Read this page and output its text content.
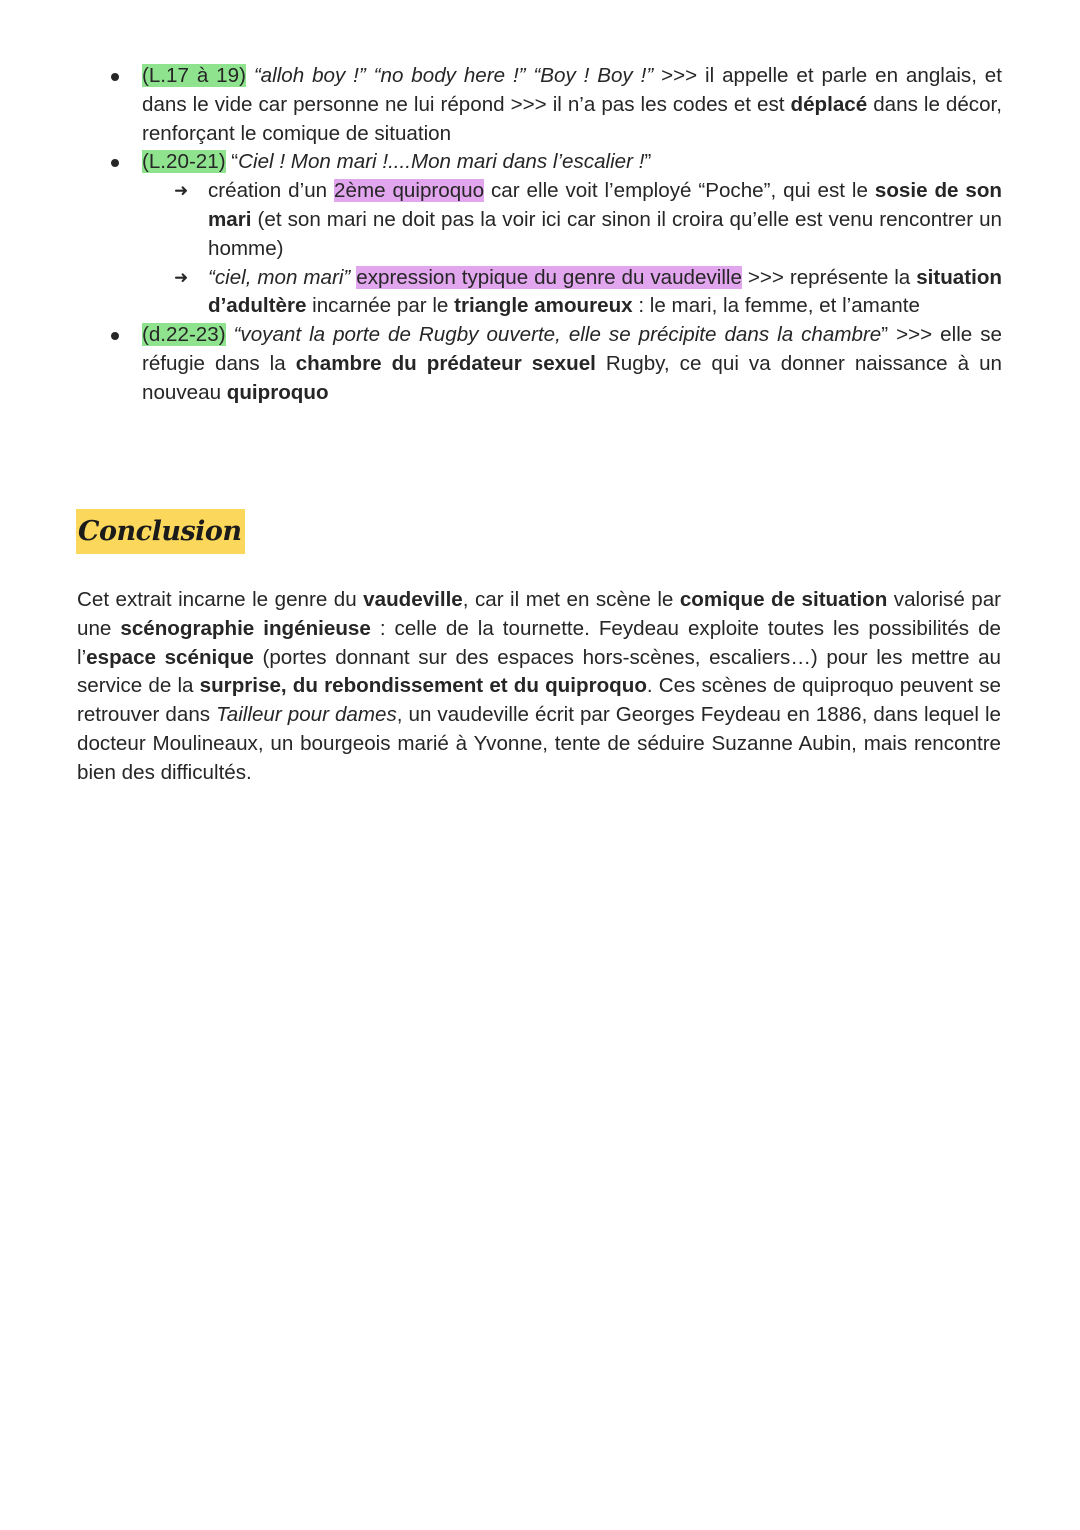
(L.17 à 19) “alloh boy !” “no body here !” “Boy ! Boy !” >>> il appelle et parle en anglais, et dans le vide car personne ne lui répond >>> il n’a pas les codes et est déplacé dans le décor, renforçant le comique de situation
(L.20-21) “Ciel ! Mon mari !....Mon mari dans l’escalier !”
➜ création d’un 2ème quiproquo car elle voit l’employé “Poche”, qui est le sosie de son mari (et son mari ne doit pas la voir ici car sinon il croira qu’elle est venu rencontrer un homme)
➜ “ciel, mon mari” expression typique du genre du vaudeville >>> représente la situation d’adultère incarnée par le triangle amoureux : le mari, la femme, et l’amante
(d.22-23) “voyant la porte de Rugby ouverte, elle se précipite dans la chambre” >>> elle se réfugie dans la chambre du prédateur sexuel Rugby, ce qui va donner naissance à un nouveau quiproquo
Conclusion

Cet extrait incarne le genre du vaudeville, car il met en scène le comique de situation valorisé par une scénographie ingénieuse : celle de la tournette. Feydeau exploite toutes les possibilités de l’espace scénique (portes donnant sur des espaces hors-scènes, escaliers…) pour les mettre au service de la surprise, du rebondissement et du quiproquo. Ces scènes de quiproquo peuvent se retrouver dans Tailleur pour dames, un vaudeville écrit par Georges Feydeau en 1886, dans lequel le docteur Moulineaux, un bourgeois marié à Yvonne, tente de séduire Suzanne Aubin, mais rencontre bien des difficultés.
